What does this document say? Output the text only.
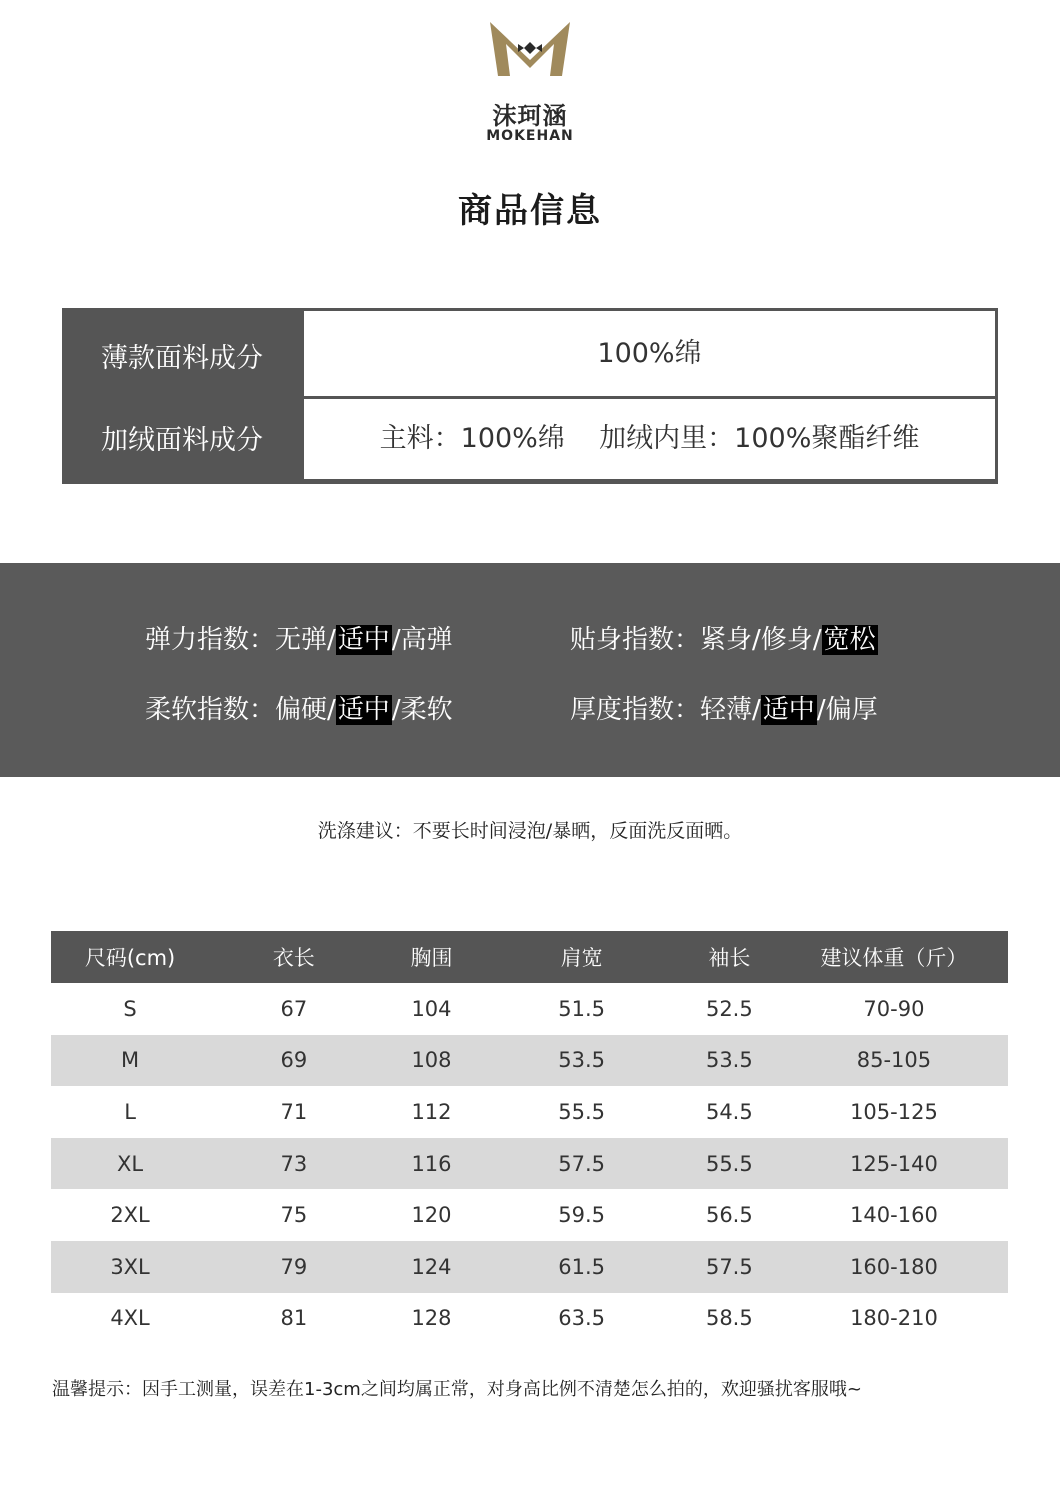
沫珂涵
MOKEHAN
商品信息
薄款面料成分	100%绵
加绒面料成分	主料：100%绵    加绒内里：100%聚酯纤维
弹力指数：无弹/适中/高弹	贴身指数：紧身/修身/宽松
柔软指数：偏硬/适中/柔软	厚度指数：轻薄/适中/偏厚
洗涤建议：不要长时间浸泡/暴晒，反面洗反面晒。
尺码(cm)	衣长	胸围	肩宽	袖长	建议体重（斤）
S	67	104	51.5	52.5	70-90
M	69	108	53.5	53.5	85-105
L	71	112	55.5	54.5	105-125
XL	73	116	57.5	55.5	125-140
2XL	75	120	59.5	56.5	140-160
3XL	79	124	61.5	57.5	160-180
4XL	81	128	63.5	58.5	180-210
温馨提示：因手工测量，误差在1-3cm之间均属正常，对身高比例不清楚怎么拍的，欢迎骚扰客服哦~
